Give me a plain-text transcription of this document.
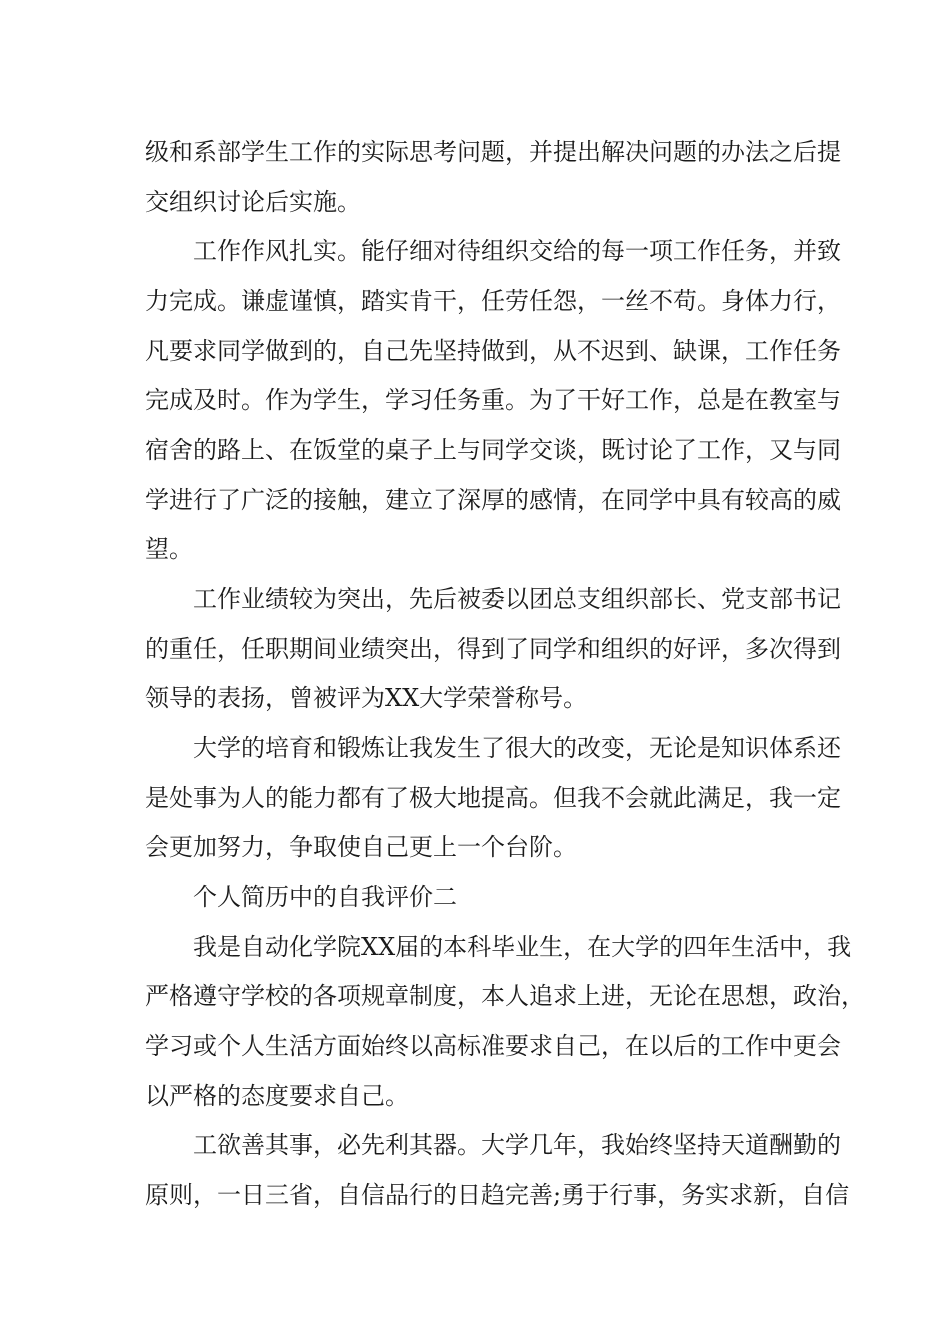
级和系部学生工作的实际思考问题，并提出解决问题的办法之后提
交组织讨论后实施。
工作作风扎实。能仔细对待组织交给的每一项工作任务，并致
力完成。谦虚谨慎，踏实肯干，任劳任怨，一丝不苟。身体力行，
凡要求同学做到的，自己先坚持做到，从不迟到、缺课，工作任务
完成及时。作为学生，学习任务重。为了干好工作，总是在教室与
宿舍的路上、在饭堂的桌子上与同学交谈，既讨论了工作，又与同
学进行了广泛的接触，建立了深厚的感情，在同学中具有较高的威
望。
工作业绩较为突出，先后被委以团总支组织部长、党支部书记
的重任，任职期间业绩突出，得到了同学和组织的好评，多次得到
领导的表扬，曾被评为XX大学荣誉称号。
大学的培育和锻炼让我发生了很大的改变，无论是知识体系还
是处事为人的能力都有了极大地提高。但我不会就此满足，我一定
会更加努力，争取使自己更上一个台阶。
个人简历中的自我评价二
我是自动化学院XX届的本科毕业生，在大学的四年生活中，我
严格遵守学校的各项规章制度，本人追求上进，无论在思想，政治，
学习或个人生活方面始终以高标准要求自己，在以后的工作中更会
以严格的态度要求自己。
工欲善其事，必先利其器。大学几年，我始终坚持天道酬勤的
原则，一日三省，自信品行的日趋完善;勇于行事，务实求新，自信
